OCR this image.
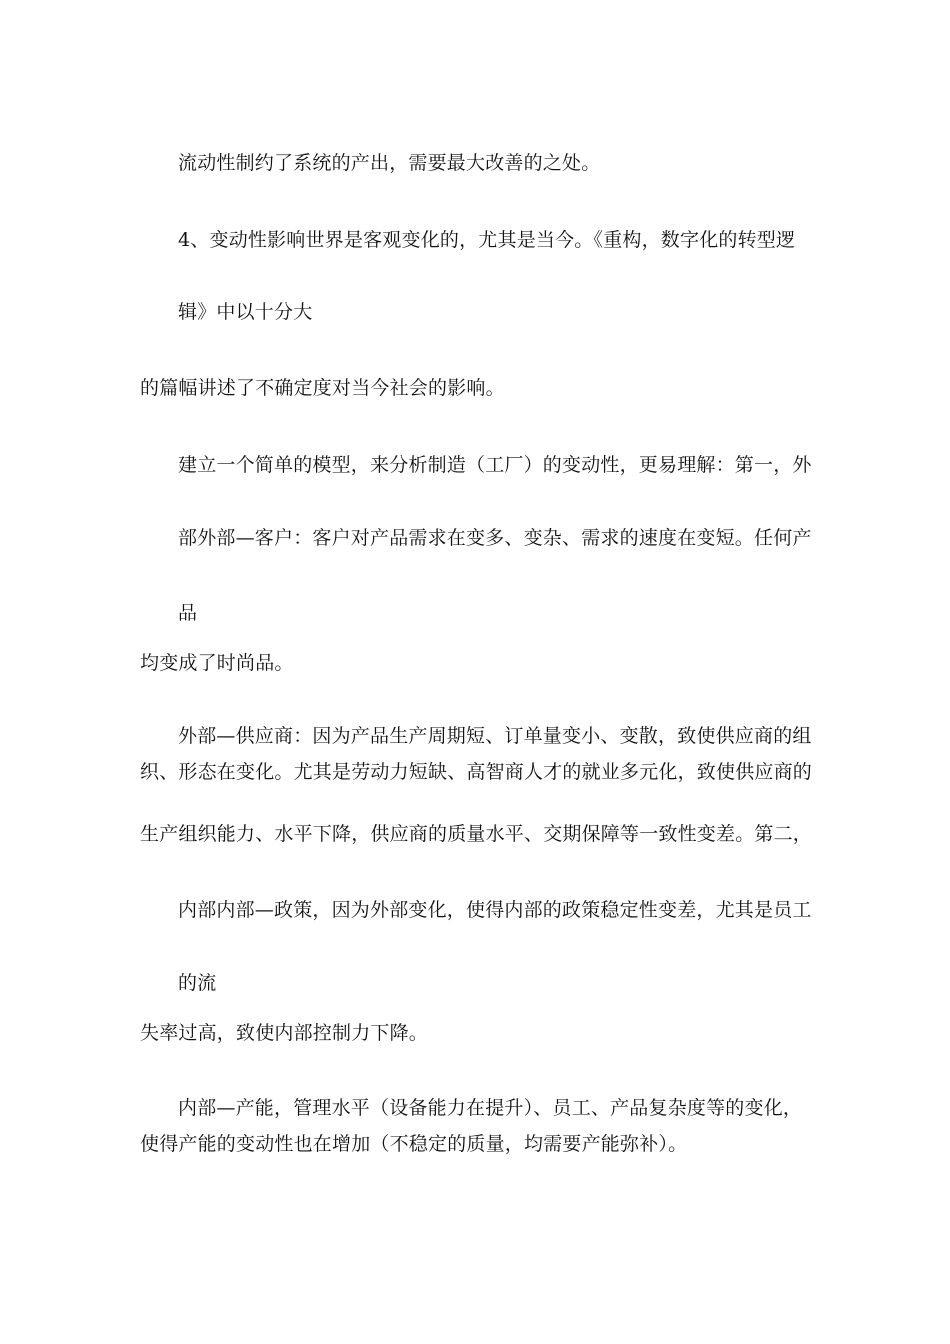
流动性制约了系统的产出，需要最大改善的之处。
4、变动性影响世界是客观变化的，尤其是当今。《重构，数字化的转型逻
辑》中以十分大
的篇幅讲述了不确定度对当今社会的影响。
建立一个简单的模型，来分析制造（工厂）的变动性，更易理解：第一，外
部外部—客户：客户对产品需求在变多、变杂、需求的速度在变短。任何产
品
均变成了时尚品。
外部—供应商：因为产品生产周期短、订单量变小、变散，致使供应商的组
织、形态在变化。尤其是劳动力短缺、高智商人才的就业多元化，致使供应商的
生产组织能力、水平下降，供应商的质量水平、交期保障等一致性变差。第二，
内部内部—政策，因为外部变化，使得内部的政策稳定性变差，尤其是员工
的流
失率过高，致使内部控制力下降。
内部—产能，管理水平（设备能力在提升）、员工、产品复杂度等的变化，
使得产能的变动性也在增加（不稳定的质量，均需要产能弥补）。
